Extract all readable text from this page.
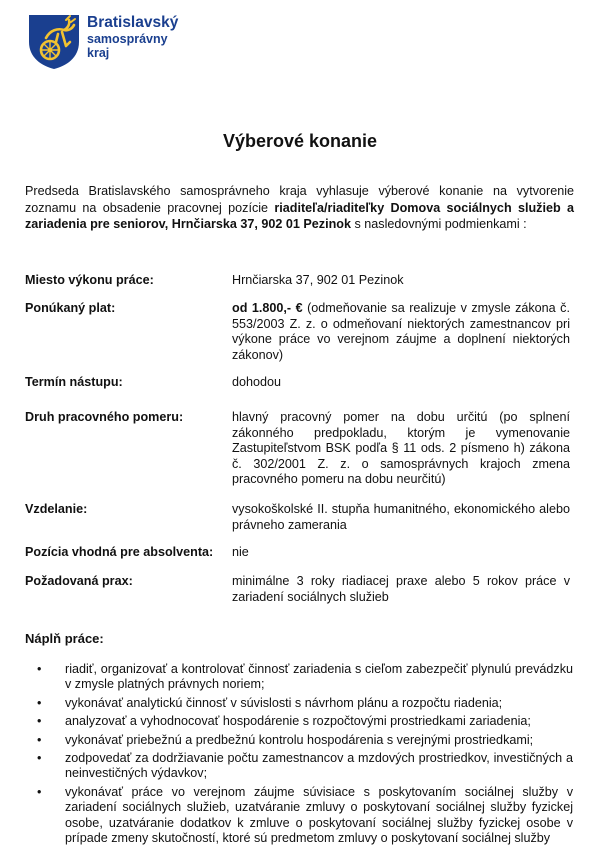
Bratislavský
samosprávny
kraj
Výberové konanie
Predseda Bratislavského samosprávneho kraja vyhlasuje výberové konanie na vytvorenie zoznamu na obsadenie pracovnej pozície riaditeľa/riaditeľky Domova sociálnych služieb a zariadenia pre seniorov, Hrnčiarska 37, 902 01 Pezinok s nasledovnými podmienkami :
Miesto výkonu práce:	Hrnčiarska 37, 902 01 Pezinok
Ponúkaný plat:	od 1.800,- € (odmeňovanie sa realizuje v zmysle zákona č. 553/2003 Z. z. o odmeňovaní niektorých zamestnancov pri výkone práce vo verejnom záujme a doplnení niektorých zákonov)
Termín nástupu:	dohodou
Druh pracovného pomeru:	hlavný pracovný pomer na dobu určitú (po splnení zákonného predpokladu, ktorým je vymenovanie Zastupiteľstvom BSK podľa § 11 ods. 2 písmeno h) zákona č. 302/2001 Z. z. o samosprávnych krajoch zmena pracovného pomeru na dobu neurčitú)
Vzdelanie:	vysokoškolské II. stupňa humanitného, ekonomického alebo právneho zamerania
Pozícia vhodná pre absolventa:	nie
Požadovaná prax:	minimálne 3 roky riadiacej praxe alebo 5 rokov práce v zariadení sociálnych služieb
Náplň práce:
• riadiť, organizovať a kontrolovať činnosť zariadenia s cieľom zabezpečiť plynulú prevádzku v zmysle platných právnych noriem;
• vykonávať analytickú činnosť v súvislosti s návrhom plánu a rozpočtu riadenia;
• analyzovať a vyhodnocovať hospodárenie s rozpočtovými prostriedkami zariadenia;
• vykonávať priebežnú a predbežnú kontrolu hospodárenia s verejnými prostriedkami;
• zodpovedať za dodržiavanie počtu zamestnancov a mzdových prostriedkov, investičných a neinvestičných výdavkov;
• vykonávať práce vo verejnom záujme súvisiace s poskytovaním sociálnej služby v zariadení sociálnych služieb, uzatváranie zmluvy o poskytovaní sociálnej služby fyzickej osobe, uzatváranie dodatkov k zmluve o poskytovaní sociálnej služby fyzickej osobe v prípade zmeny skutočností, ktoré sú predmetom zmluvy o poskytovaní sociálnej služby
